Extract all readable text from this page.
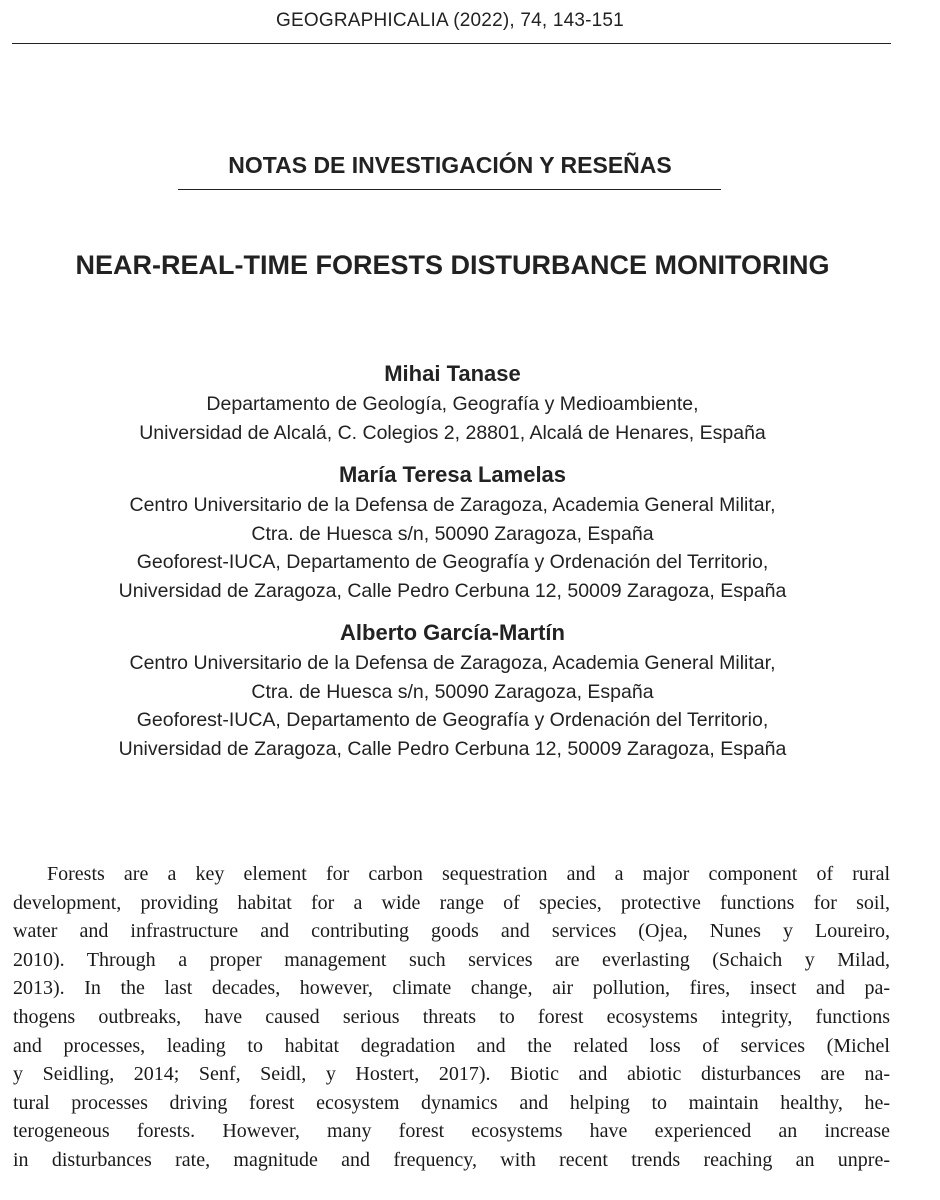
GEOGRAPHICALIA (2022), 74, 143-151
NOTAS DE INVESTIGACIÓN Y RESEÑAS
NEAR-REAL-TIME FORESTS DISTURBANCE MONITORING
Mihai Tanase
Departamento de Geología, Geografía y Medioambiente,
Universidad de Alcalá, C. Colegios 2, 28801, Alcalá de Henares, España
María Teresa Lamelas
Centro Universitario de la Defensa de Zaragoza, Academia General Militar,
Ctra. de Huesca s/n, 50090 Zaragoza, España
Geoforest-IUCA, Departamento de Geografía y Ordenación del Territorio,
Universidad de Zaragoza, Calle Pedro Cerbuna 12, 50009 Zaragoza, España
Alberto García-Martín
Centro Universitario de la Defensa de Zaragoza, Academia General Militar,
Ctra. de Huesca s/n, 50090 Zaragoza, España
Geoforest-IUCA, Departamento de Geografía y Ordenación del Territorio,
Universidad de Zaragoza, Calle Pedro Cerbuna 12, 50009 Zaragoza, España
Forests are a key element for carbon sequestration and a major component of rural
development, providing habitat for a wide range of species, protective functions for soil,
water and infrastructure and contributing goods and services (Ojea, Nunes y Loureiro,
2010). Through a proper management such services are everlasting (Schaich y Milad,
2013). In the last decades, however, climate change, air pollution, fires, insect and pa-
thogens outbreaks, have caused serious threats to forest ecosystems integrity, functions
and processes, leading to habitat degradation and the related loss of services (Michel
y Seidling, 2014; Senf, Seidl, y Hostert, 2017). Biotic and abiotic disturbances are na-
tural processes driving forest ecosystem dynamics and helping to maintain healthy, he-
terogeneous forests. However, many forest ecosystems have experienced an increase
in disturbances rate, magnitude and frequency, with recent trends reaching an unpre-
